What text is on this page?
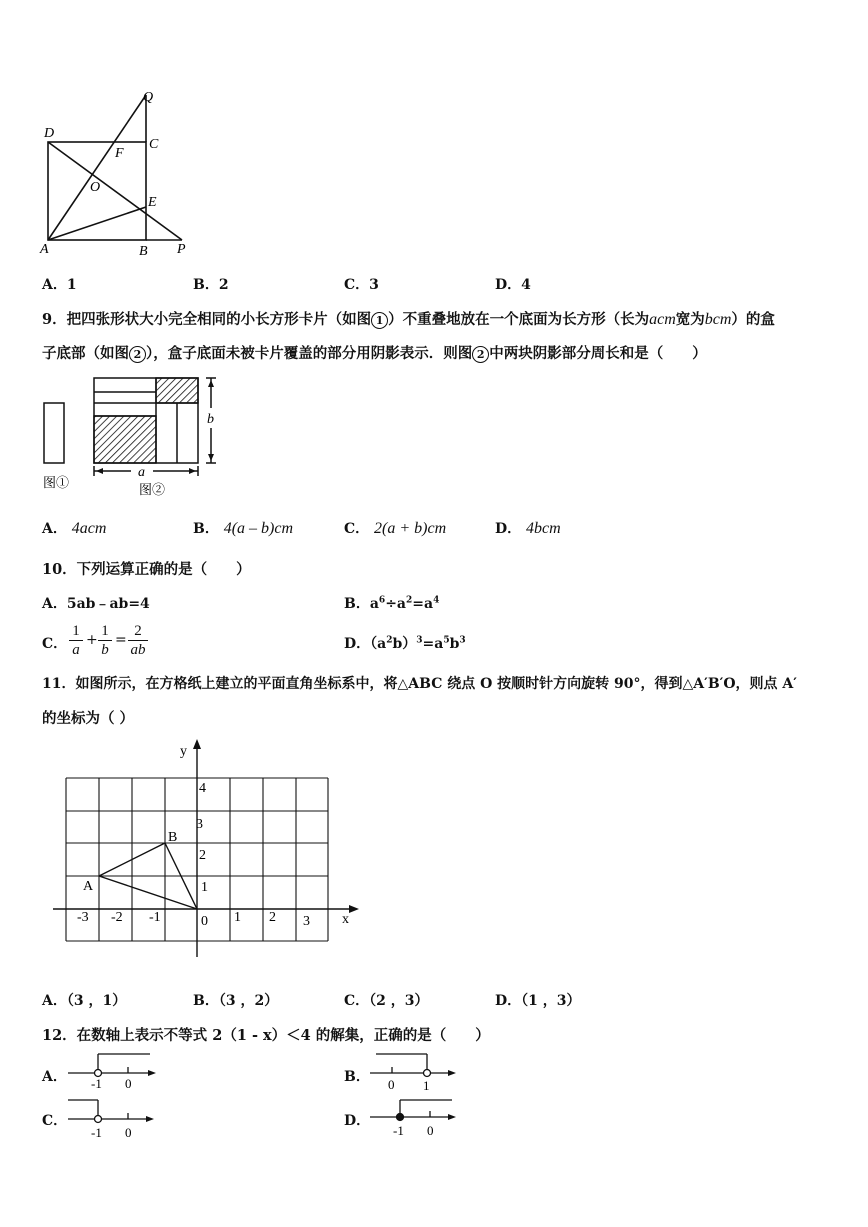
Q
D
C
F
O
E
A	B P
A．1	B．2	C．3	D．4
9．把四张形状大小完全相同的小长方形卡片（如图 1 ）不重叠地放在一个底面为长方形（长为acm宽为bcm）的盒
子底部（如图 2 ），盒子底面未被卡片覆盖的部分用阴影表示．则图 2 中两块阴影部分周长和是（　　）
图①
b
a
图②
A． 4acm	B． 4(a – b)cm	C． 2(a + b)cm	D． 4bcm
10．下列运算正确的是（　　）
A．5ab﹣ab=4	B．$a^6\div a^2=a^4$
C．
1
a
+
1
b
=
2
ab	D．$(a^2b)^3=a^5b^3$
11．如图所示，在方格纸上建立的平面直角坐标系中，将△ABC 绕点 O 按顺时针方向旋转 90°，得到△A′B′O，则点 A′
的坐标为（ ）
y
x
4
3
2
1
-3 -2 -1	0 1 2 3
A
B
A．（3 ，1）	B．（3 ，2）	C．（2 ，3）	D．（1 ，3）
12．在数轴上表示不等式 2（1 - x）＜4 的解集，正确的是（　　）
A． -1 0	B． 0 1
C．
-1 0
D．
-1 0
